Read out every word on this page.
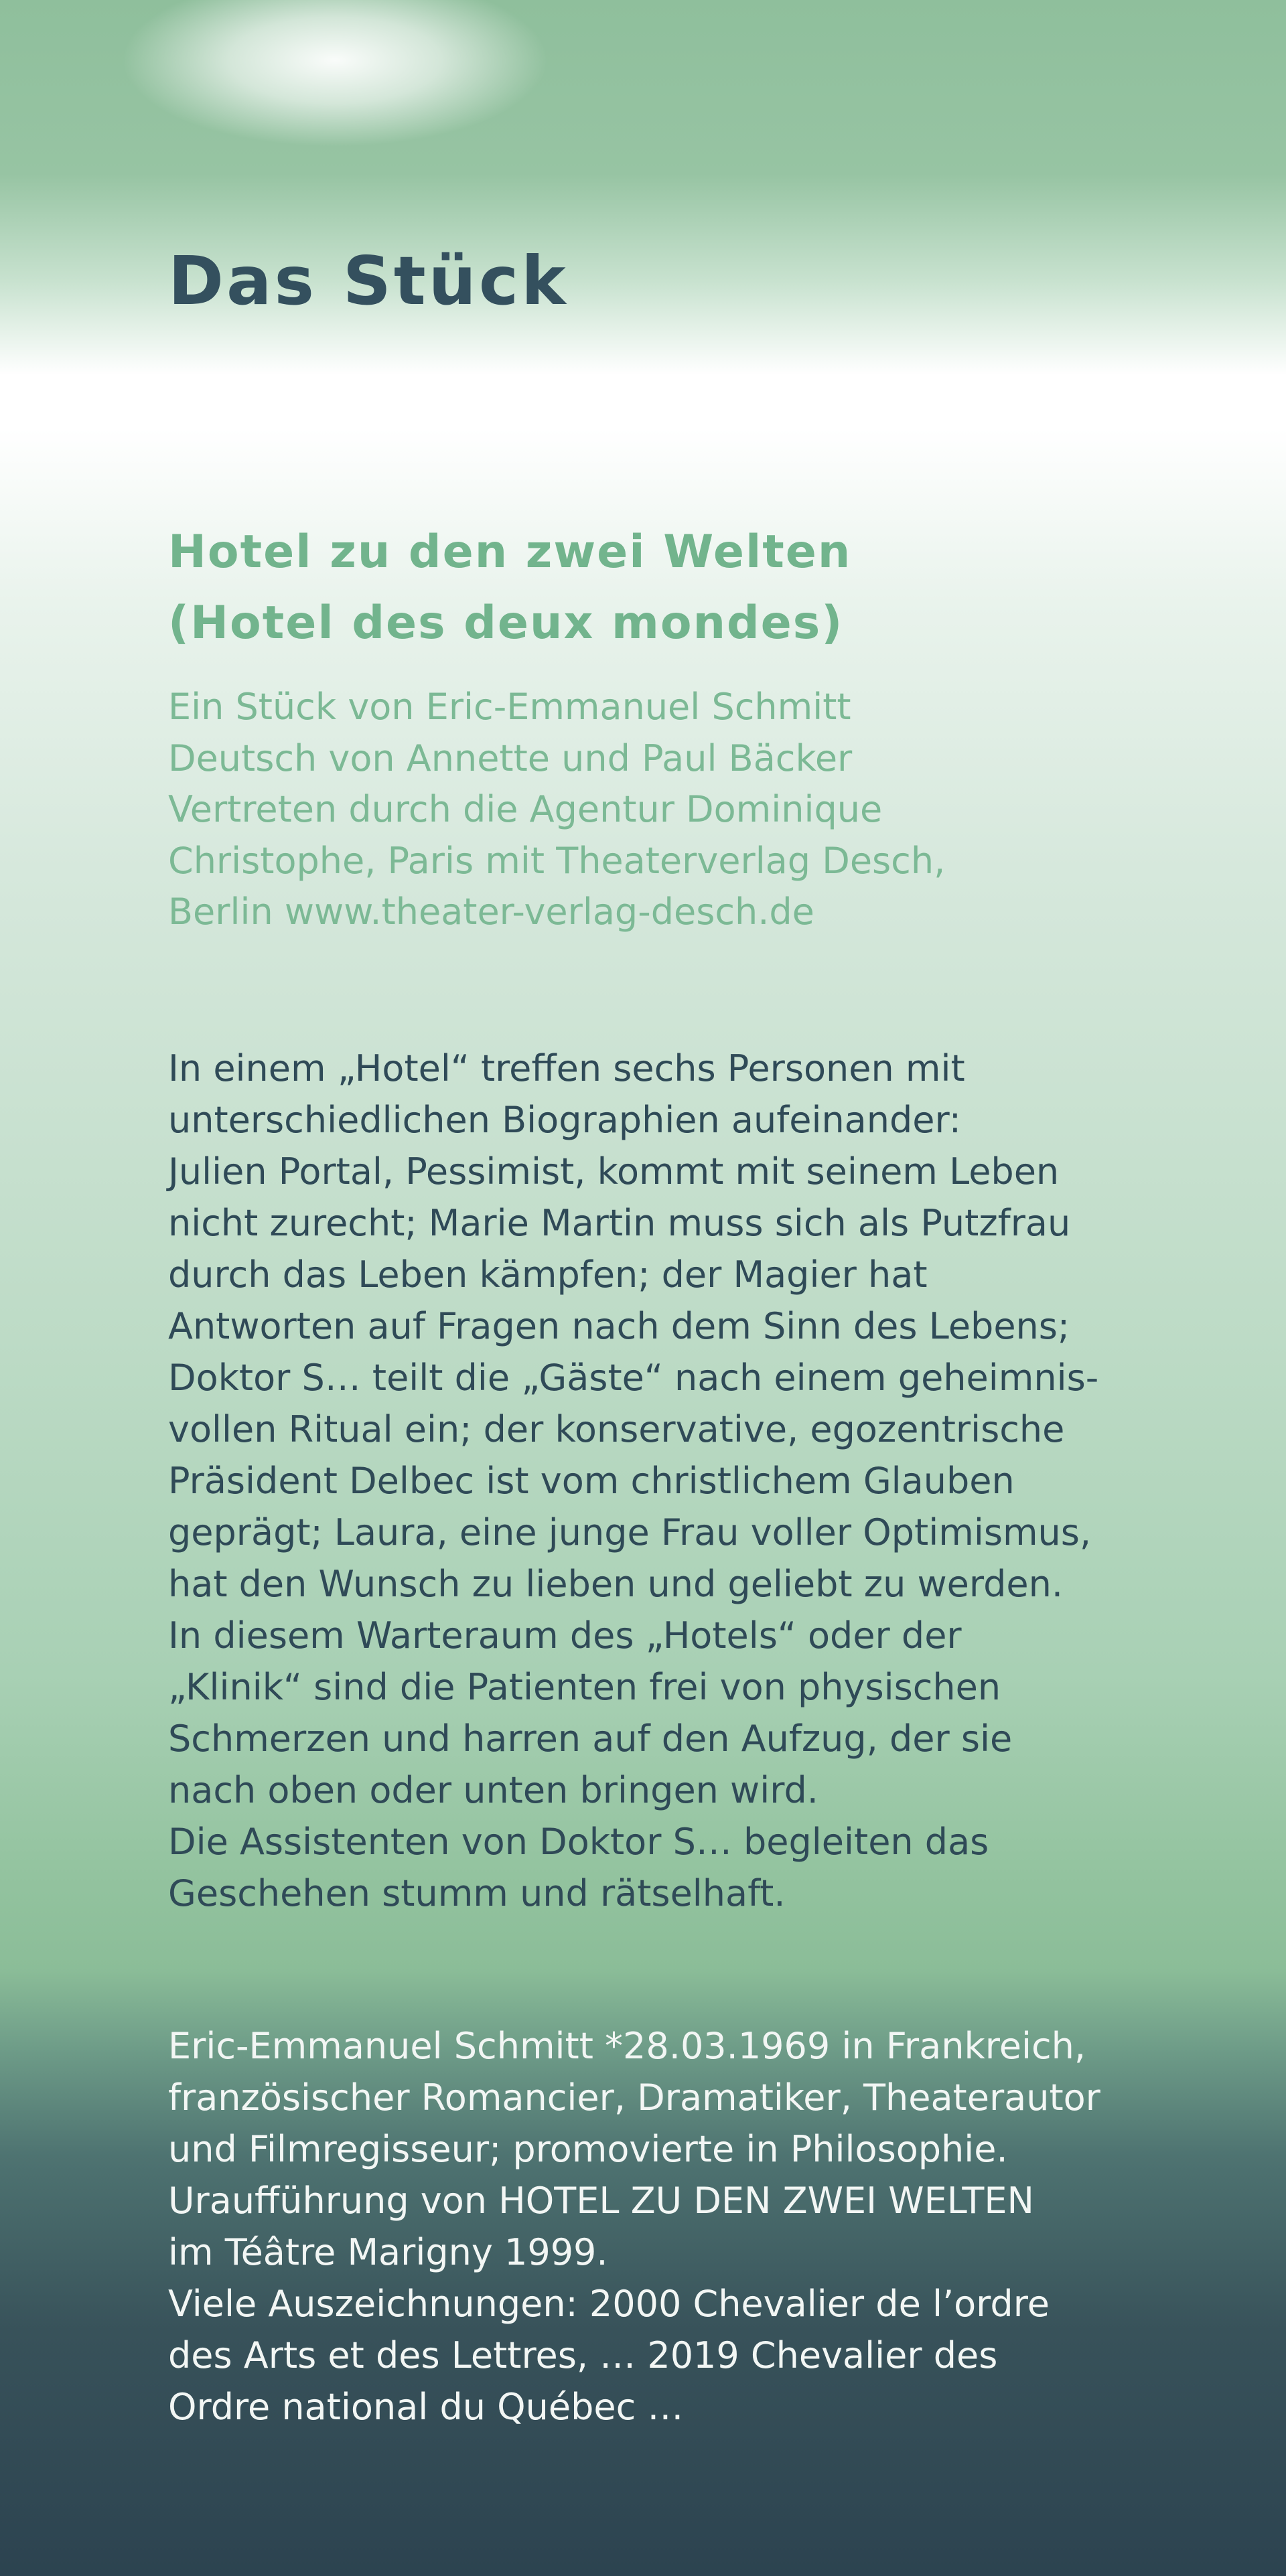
Das Stück
Hotel zu den zwei Welten
(Hotel des deux mondes)
Ein Stück von Eric-Emmanuel Schmitt
Deutsch von Annette und Paul Bäcker
Vertreten durch die Agentur Dominique
Christophe, Paris mit Theaterverlag Desch,
Berlin www.theater-verlag-desch.de
In einem „Hotel“ treffen sechs Personen mit
unterschiedlichen Biographien aufeinander:
Julien Portal, Pessimist, kommt mit seinem Leben
nicht zurecht; Marie Martin muss sich als Putzfrau
durch das Leben kämpfen; der Magier hat
Antworten auf Fragen nach dem Sinn des Lebens;
Doktor S… teilt die „Gäste“ nach einem geheimnis-
vollen Ritual ein; der konservative, egozentrische
Präsident Delbec ist vom christlichem Glauben
geprägt; Laura, eine junge Frau voller Optimismus,
hat den Wunsch zu lieben und geliebt zu werden.
In diesem Warteraum des „Hotels“ oder der
„Klinik“ sind die Patienten frei von physischen
Schmerzen und harren auf den Aufzug, der sie
nach oben oder unten bringen wird.
Die Assistenten von Doktor S… begleiten das
Geschehen stumm und rätselhaft.
Eric-Emmanuel Schmitt *28.03.1969 in Frankreich,
französischer Romancier, Dramatiker, Theaterautor
und Filmregisseur; promovierte in Philosophie.
Uraufführung von HOTEL ZU DEN ZWEI WELTEN
im Téâtre Marigny 1999.
Viele Auszeichnungen: 2000 Chevalier de l’ordre
des Arts et des Lettres, … 2019 Chevalier des
Ordre national du Québec …
